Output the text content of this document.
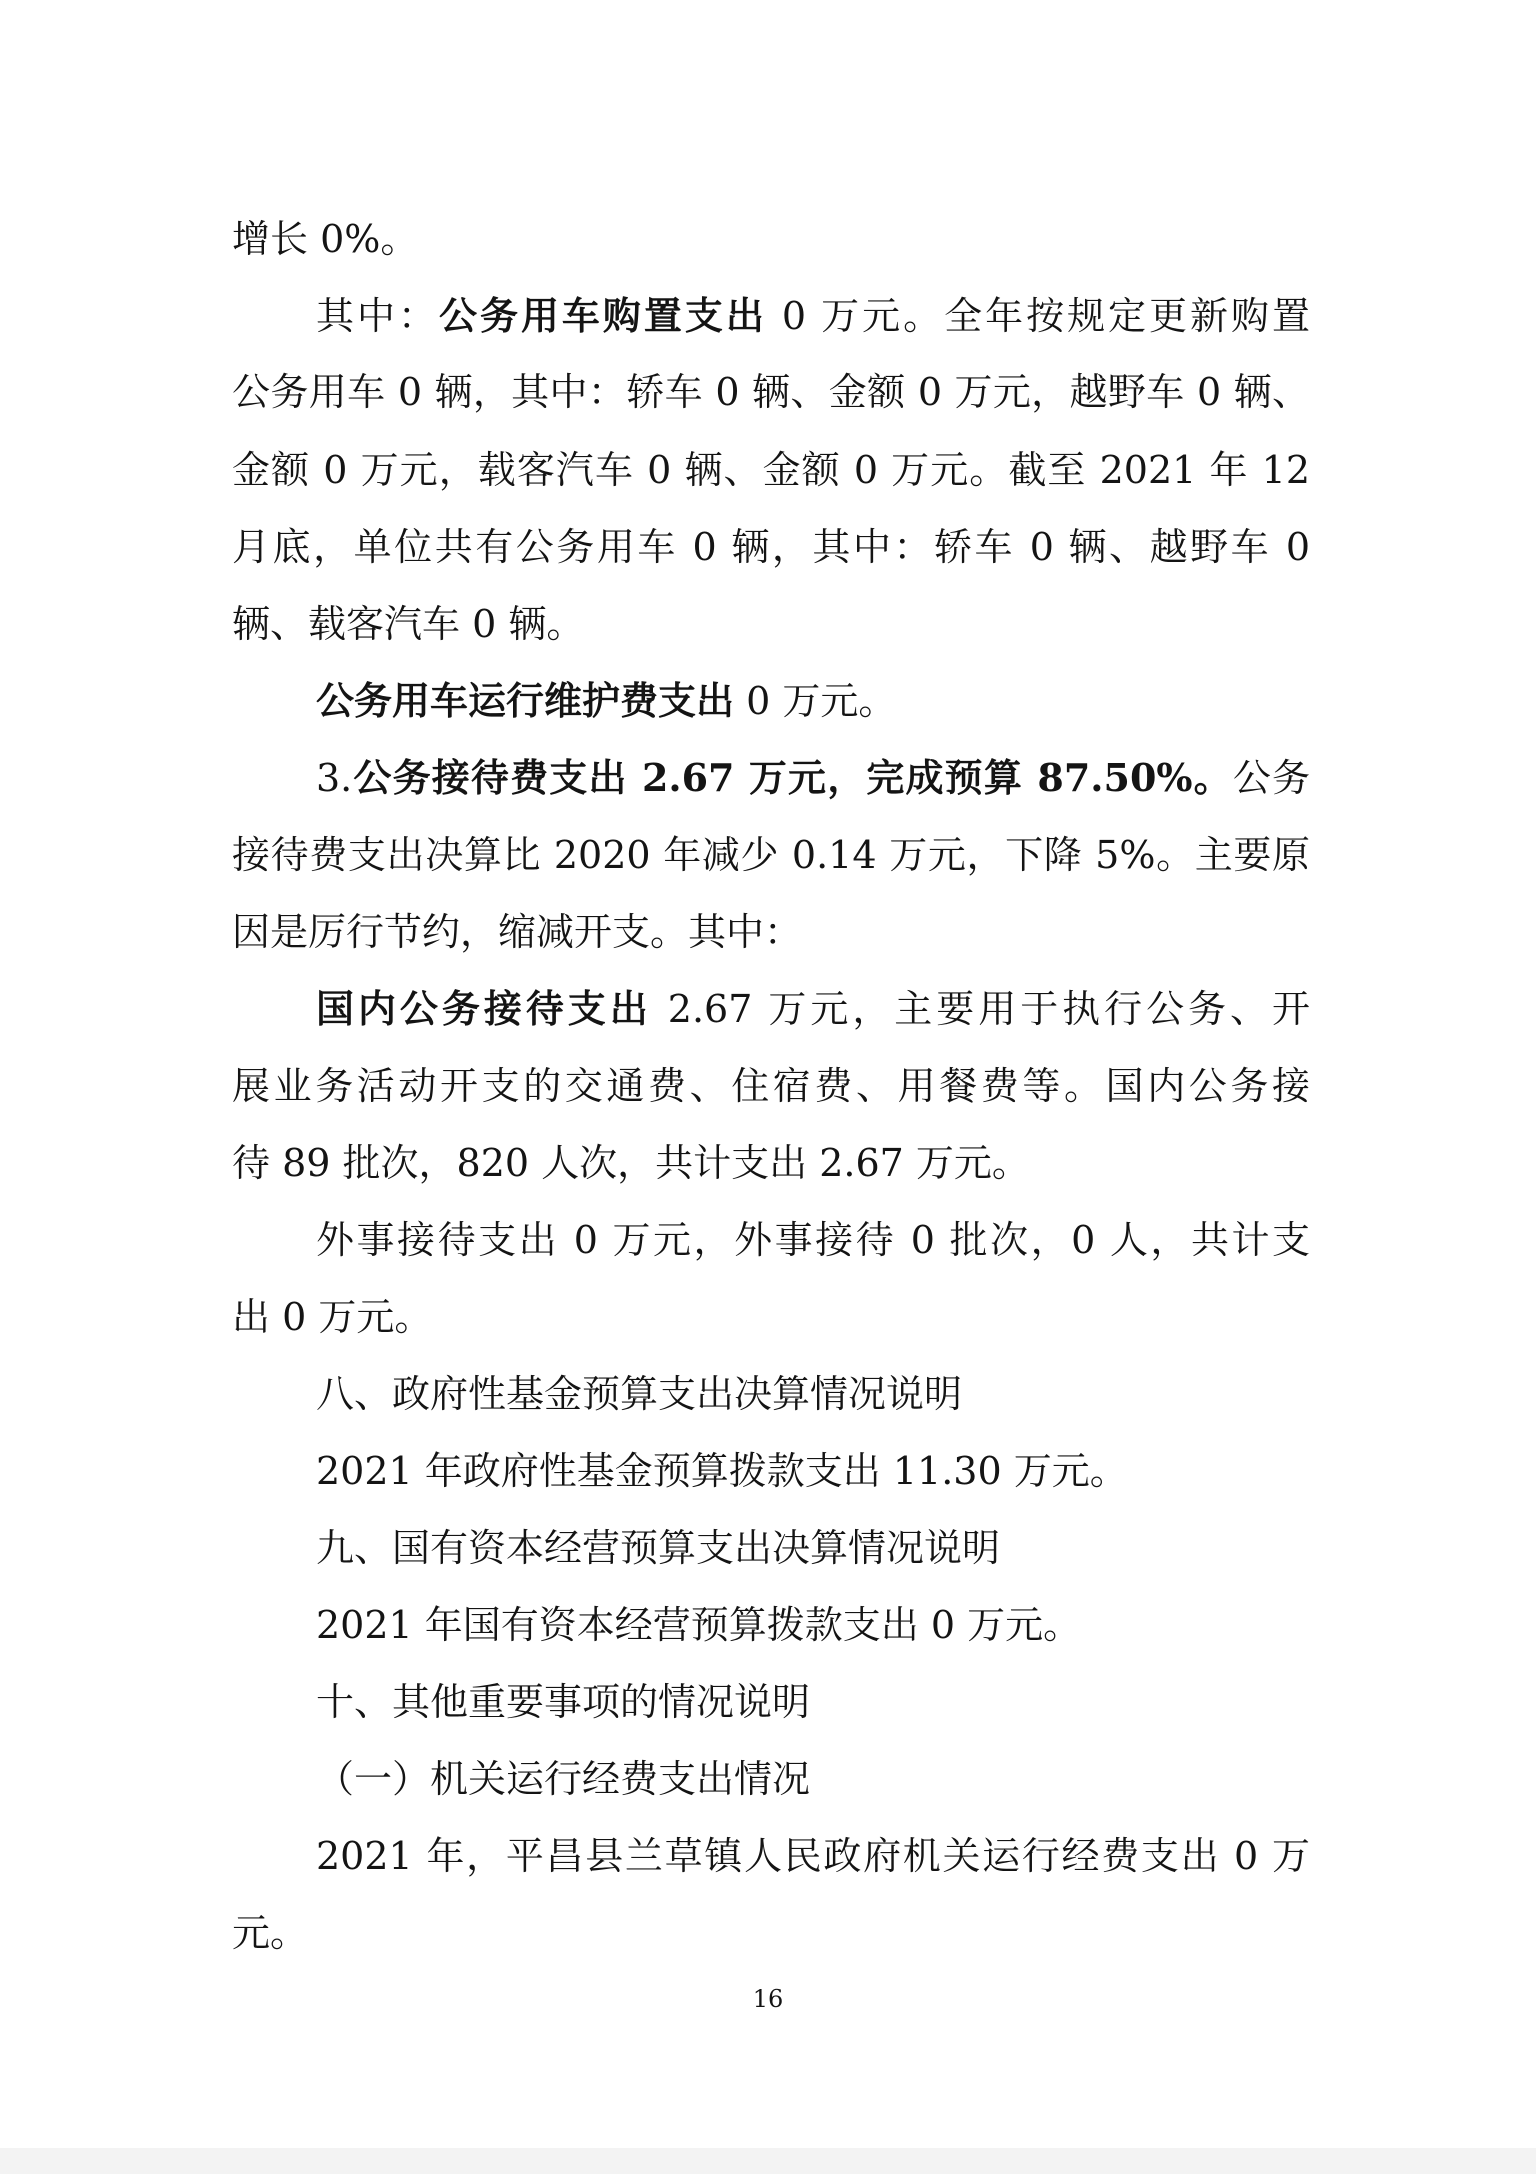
增长 0%。
其中：公务用车购置支出 0 万元。全年按规定更新购置
公务用车 0 辆，其中：轿车 0 辆、金额 0 万元，越野车 0 辆、
金额 0 万元，载客汽车 0 辆、金额 0 万元。截至 2021 年 12
月底，单位共有公务用车 0 辆，其中：轿车 0 辆、越野车 0
辆、载客汽车 0 辆。
公务用车运行维护费支出 0 万元。
3.公务接待费支出 2.67 万元，完成预算 87.50%。公务
接待费支出决算比 2020 年减少 0.14 万元，下降 5%。主要原
因是厉行节约，缩减开支。其中：
国内公务接待支出 2.67 万元，主要用于执行公务、开
展业务活动开支的交通费、住宿费、用餐费等。国内公务接
待 89 批次，820 人次，共计支出 2.67 万元。
外事接待支出 0 万元，外事接待 0 批次，0 人，共计支
出 0 万元。
八、政府性基金预算支出决算情况说明
2021 年政府性基金预算拨款支出 11.30 万元。
九、国有资本经营预算支出决算情况说明
2021 年国有资本经营预算拨款支出 0 万元。
十、其他重要事项的情况说明
（一）机关运行经费支出情况
2021 年，平昌县兰草镇人民政府机关运行经费支出 0 万
元。
16
